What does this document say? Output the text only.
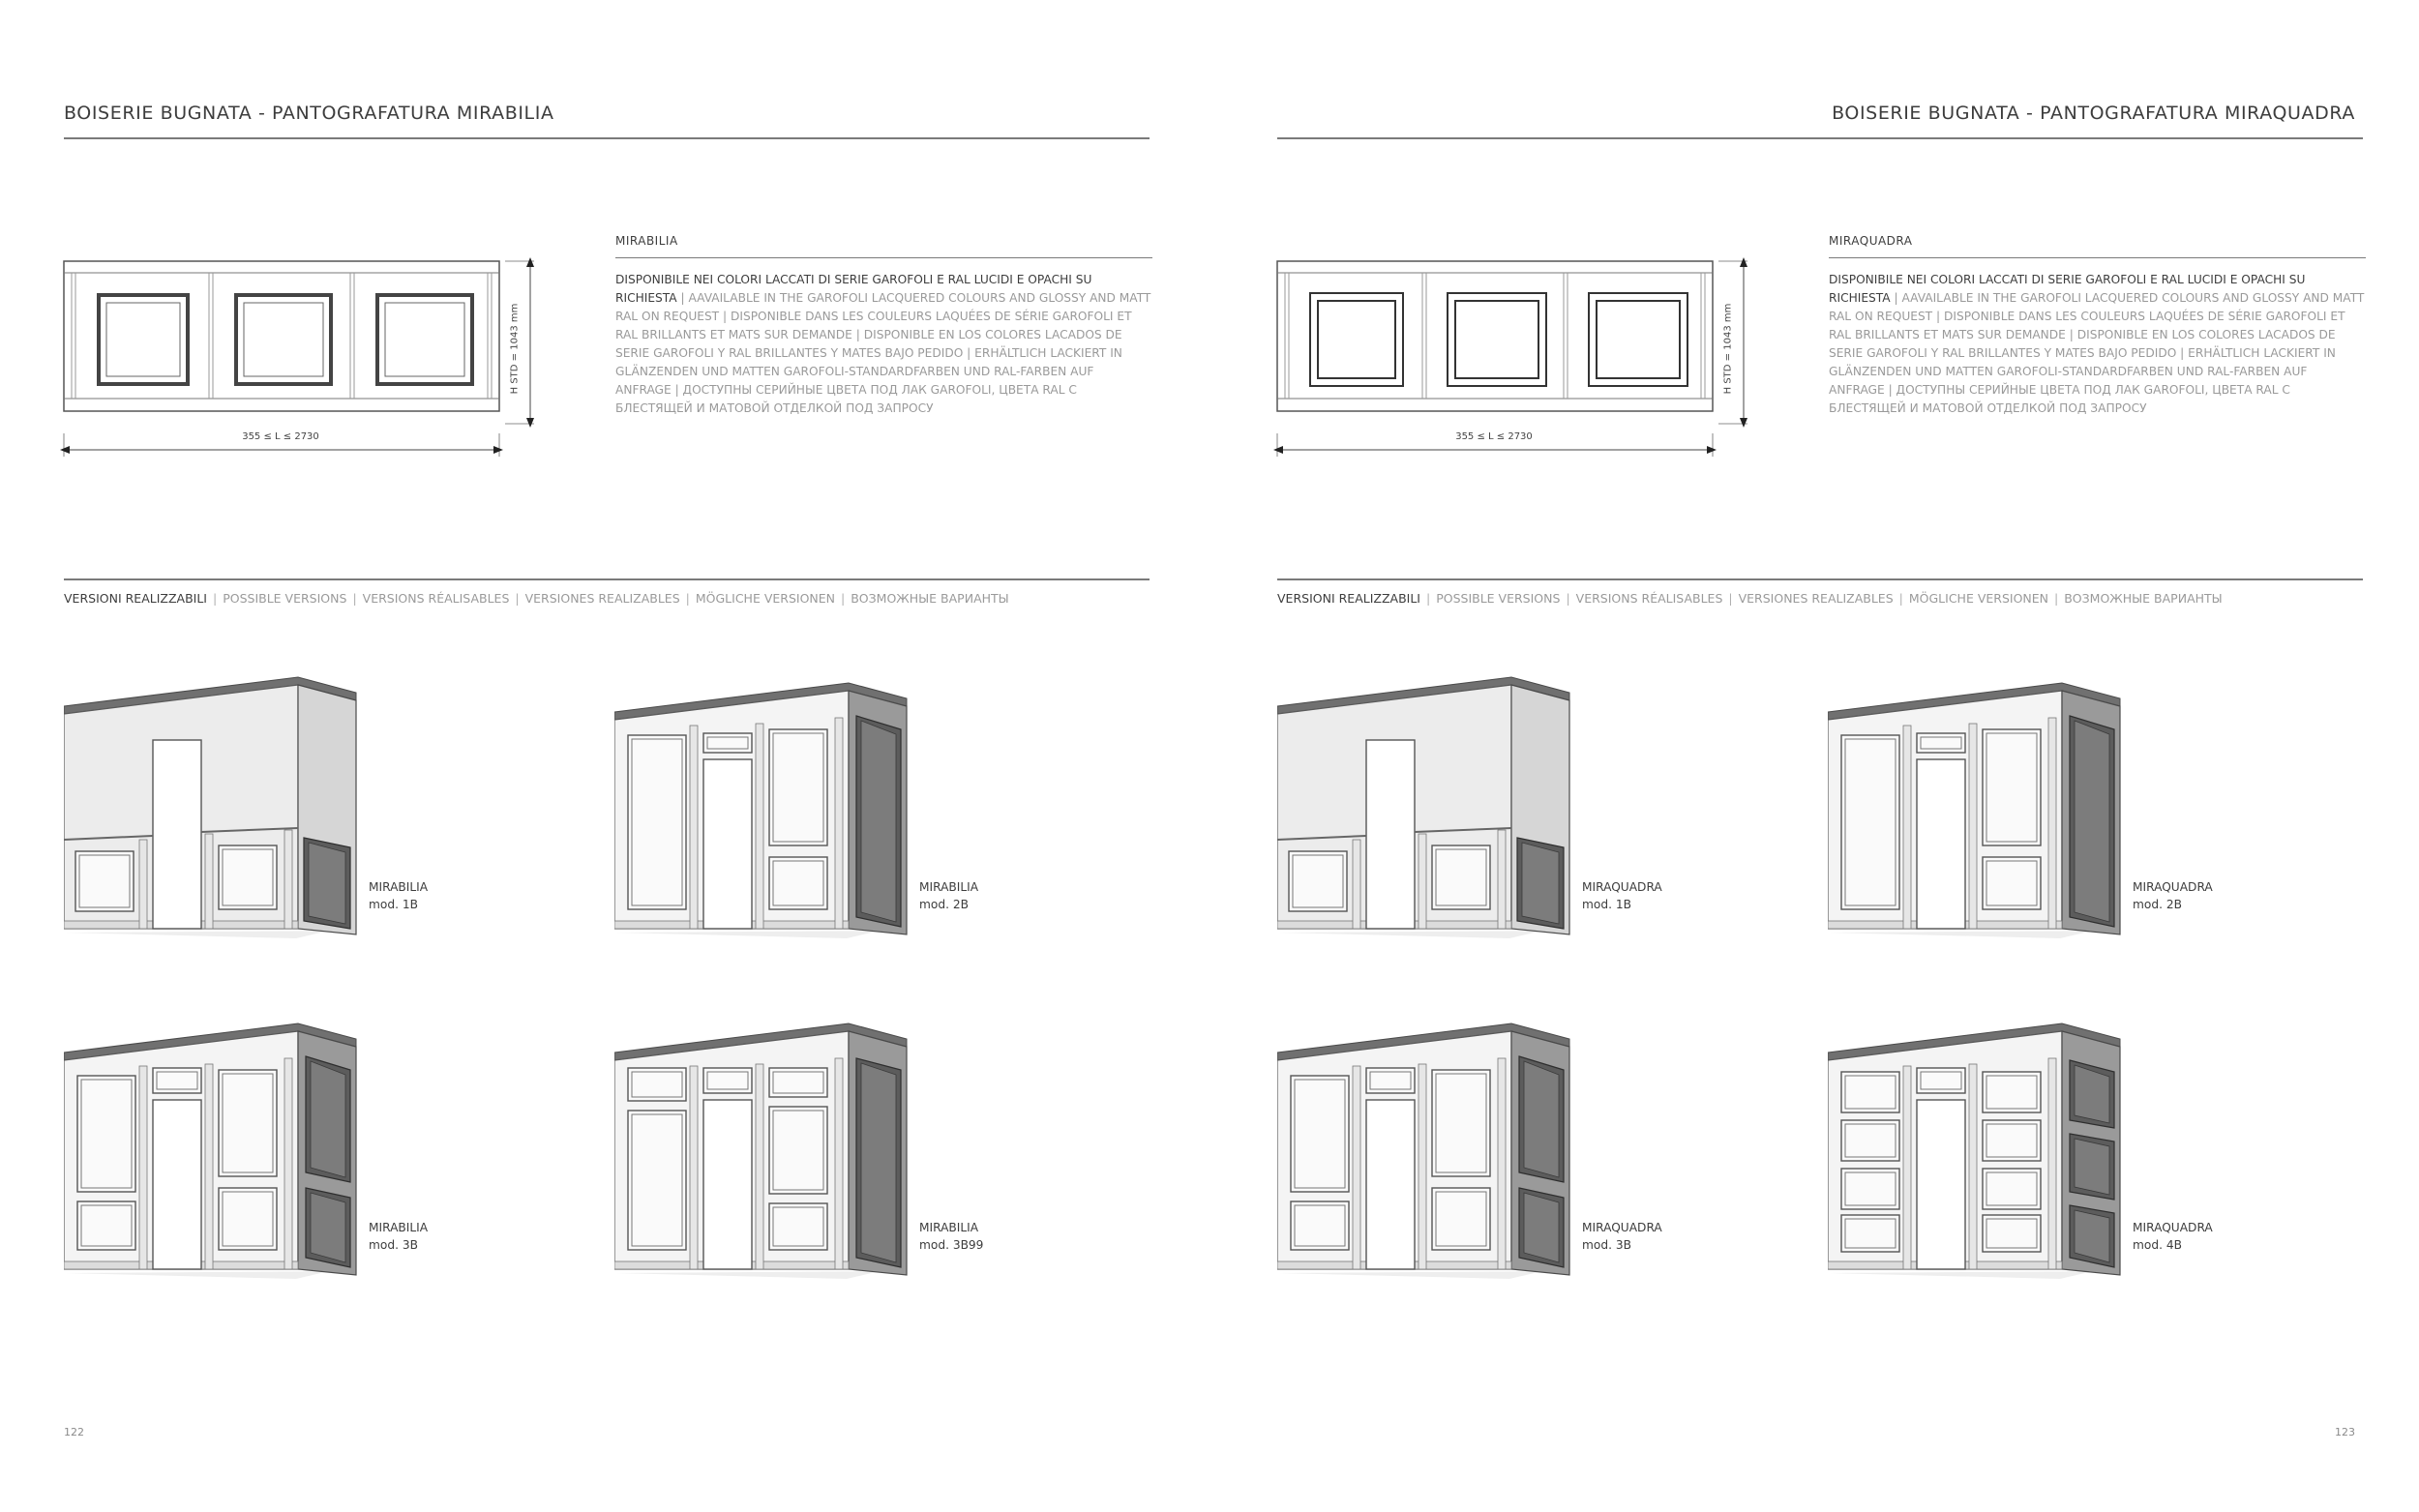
BOISERIE BUGNATA - PANTOGRAFATURA MIRABILIA
H STD = 1043 mm
355 ≤ L ≤ 2730
MIRABILIA
DISPONIBILE NEI COLORI LACCATI DI SERIE GAROFOLI E RAL LUCIDI E OPACHI SU RICHIESTA | AAVAILABLE IN THE GAROFOLI LACQUERED COLOURS AND GLOSSY AND MATT RAL ON REQUEST | DISPONIBLE DANS LES COULEURS LAQUÉES DE SÉRIE GAROFOLI ET RAL BRILLANTS ET MATS SUR DEMANDE | DISPONIBLE EN LOS COLORES LACADOS DE SERIE GAROFOLI Y RAL BRILLANTES Y MATES BAJO PEDIDO | ERHÄLTLICH LACKIERT IN GLÄNZENDEN UND MATTEN GAROFOLI-STANDARDFARBEN UND RAL-FARBEN AUF ANFRAGE | ДОСТУПНЫ СЕРИЙНЫЕ ЦВЕТА ПОД ЛАК GAROFOLI, ЦВЕТА RAL С БЛЕСТЯЩЕЙ И МАТОВОЙ ОТДЕЛКОЙ ПОД ЗАПРОСУ
VERSIONI REALIZZABILI | POSSIBLE VERSIONS | VERSIONS RÉALISABLES | VERSIONES REALIZABLES | MÖGLICHE VERSIONEN | ВОЗМОЖНЫЕ ВАРИАНТЫ
MIRABILIA
mod. 1B
MIRABILIA
mod. 2B
MIRABILIA
mod. 3B
MIRABILIA
mod. 3B99
122
BOISERIE BUGNATA - PANTOGRAFATURA MIRAQUADRA
H STD = 1043 mm
355 ≤ L ≤ 2730
MIRAQUADRA
DISPONIBILE NEI COLORI LACCATI DI SERIE GAROFOLI E RAL LUCIDI E OPACHI SU RICHIESTA | AAVAILABLE IN THE GAROFOLI LACQUERED COLOURS AND GLOSSY AND MATT RAL ON REQUEST | DISPONIBLE DANS LES COULEURS LAQUÉES DE SÉRIE GAROFOLI ET RAL BRILLANTS ET MATS SUR DEMANDE | DISPONIBLE EN LOS COLORES LACADOS DE SERIE GAROFOLI Y RAL BRILLANTES Y MATES BAJO PEDIDO | ERHÄLTLICH LACKIERT IN GLÄNZENDEN UND MATTEN GAROFOLI-STANDARDFARBEN UND RAL-FARBEN AUF ANFRAGE | ДОСТУПНЫ СЕРИЙНЫЕ ЦВЕТА ПОД ЛАК GAROFOLI, ЦВЕТА RAL С БЛЕСТЯЩЕЙ И МАТОВОЙ ОТДЕЛКОЙ ПОД ЗАПРОСУ
VERSIONI REALIZZABILI | POSSIBLE VERSIONS | VERSIONS RÉALISABLES | VERSIONES REALIZABLES | MÖGLICHE VERSIONEN | ВОЗМОЖНЫЕ ВАРИАНТЫ
MIRAQUADRA
mod. 1B
MIRAQUADRA
mod. 2B
MIRAQUADRA
mod. 3B
MIRAQUADRA
mod. 4B
123
